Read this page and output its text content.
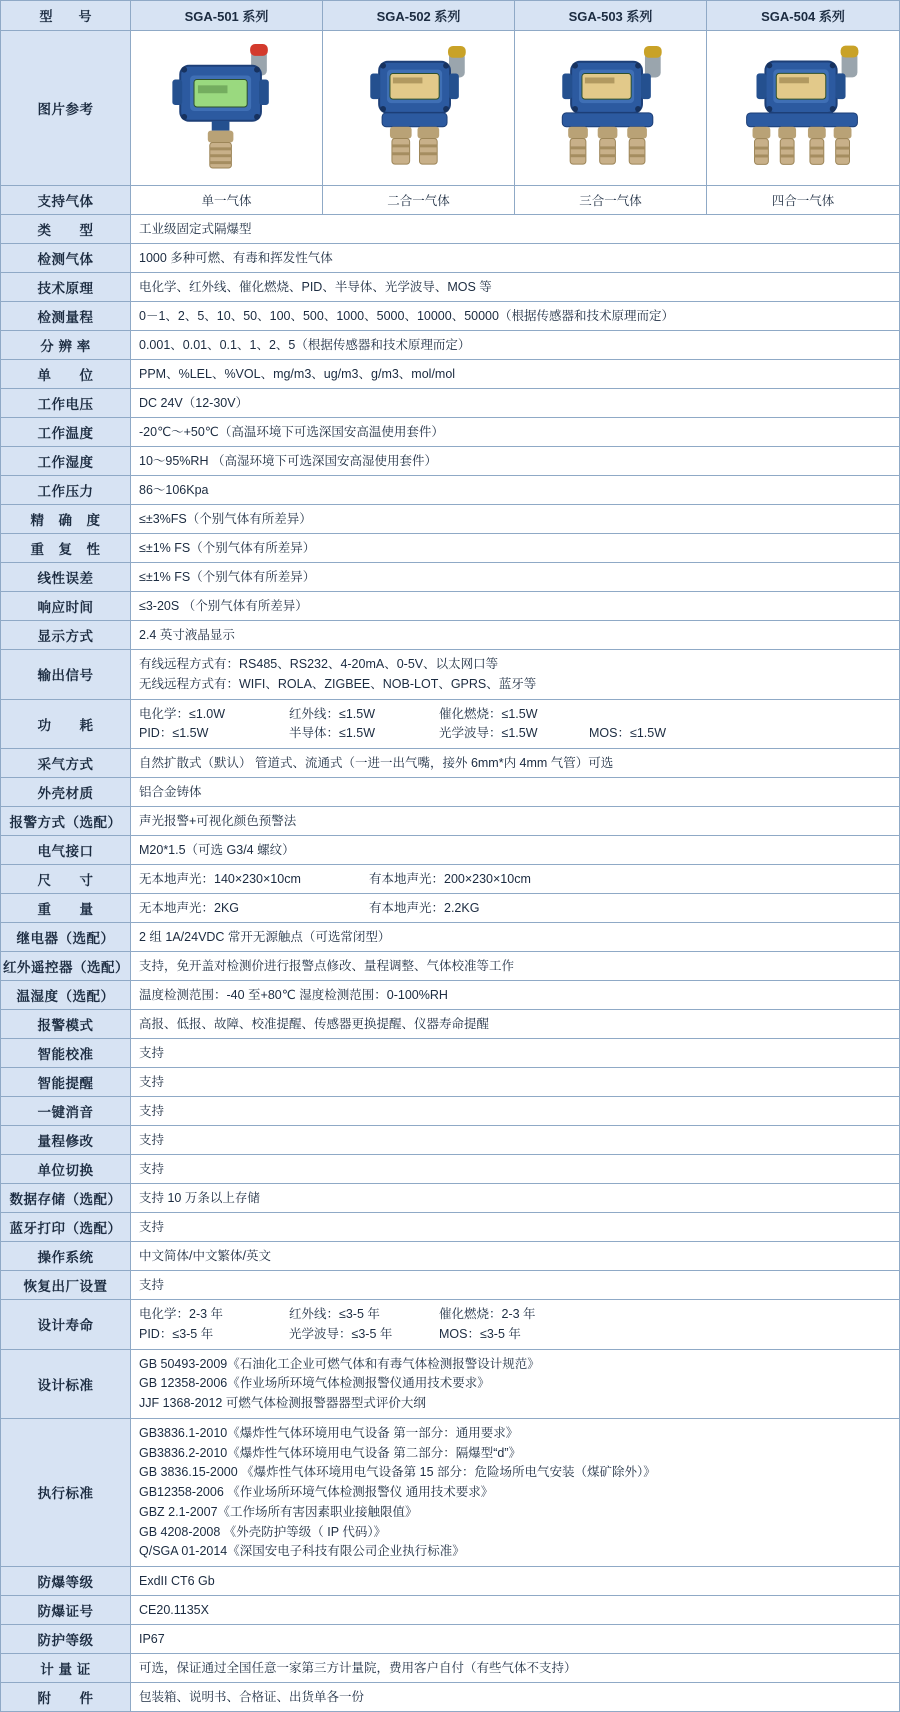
型　　号	SGA-501 系列	SGA-502 系列	SGA-503 系列	SGA-504 系列
图片参考	

支持气体	单一气体	二合一气体	三合一气体	四合一气体
类　　型	工业级固定式隔爆型			
检测气体	1000 多种可燃、有毒和挥发性气体			
技术原理	电化学、红外线、催化燃烧、PID、半导体、光学波导、MOS 等			
检测量程	0－1、2、5、10、50、100、500、1000、5000、10000、50000（根据传感器和技术原理而定）			
分 辨 率	0.001、0.01、0.1、1、2、5（根据传感器和技术原理而定）			
单　　位	PPM、%LEL、%VOL、mg/m3、ug/m3、g/m3、mol/mol			
工作电压	DC 24V（12-30V）			
工作温度	-20℃～+50℃（高温环境下可选深国安高温使用套件）			
工作湿度	10～95%RH （高湿环境下可选深国安高湿使用套件）			
工作压力	86～106Kpa			
精　确　度	≤±3%FS（个别气体有所差异）			
重　复　性	≤±1% FS（个别气体有所差异）			
线性误差	≤±1% FS（个别气体有所差异）			
响应时间	≤3-20S （个别气体有所差异）			
显示方式	2.4 英寸液晶显示			
输出信号	有线远程方式有：RS485、RS232、4-20mA、0-5V、以太网口等
无线远程方式有：WIFI、ROLA、ZIGBEE、NOB-LOT、GPRS、蓝牙等			

功　　耗	
电化学：≤1.0W	红外线：≤1.5W	催化燃烧：≤1.5W
PID：≤1.5W	半导体：≤1.5W	光学波导：≤1.5W	MOS：≤1.5W

采气方式	自然扩散式（默认） 管道式、流通式（一进一出气嘴，接外 6mm*内 4mm 气管）可选			
外壳材质	铝合金铸体			
报警方式（选配）	声光报警+可视化颜色预警法			
电气接口	M20*1.5（可选 G3/4 螺纹）			
尺　　寸	无本地声光：140×230×10cm 有本地声光：200×230×10cm			

重　　量	无本地声光：2KG 有本地声光：2.2KG			

继电器（选配）	2 组 1A/24VDC 常开无源触点（可选常闭型）			
红外遥控器（选配）	支持，免开盖对检测价进行报警点修改、量程调整、气体校准等工作			
温湿度（选配）	温度检测范围：-40 至+80℃ 湿度检测范围：0-100%RH			
报警模式	高报、低报、故障、校准提醒、传感器更换提醒、仪器寿命提醒			
智能校准	支持			
智能提醒	支持			
一键消音	支持			
量程修改	支持			
单位切换	支持			
数据存储（选配）	支持 10 万条以上存储			
蓝牙打印（选配）	支持			
操作系统	中文简体/中文繁体/英文			
恢复出厂设置	支持			
设计寿命	
电化学：2-3 年	红外线：≤3-5 年	催化燃烧：2-3 年
PID：≤3-5 年	光学波导：≤3-5 年	MOS：≤3-5 年

设计标准	GB 50493-2009《石油化工企业可燃气体和有毒气体检测报警设计规范》
GB 12358-2006《作业场所环境气体检测报警仪通用技术要求》
JJF 1368-2012 可燃气体检测报警器器型式评价大纲			

执行标准	
GB3836.1-2010《爆炸性气体环境用电气设备 第一部分：通用要求》
GB3836.2-2010《爆炸性气体环境用电气设备 第二部分：隔爆型“d”》
GB 3836.15-2000 《爆炸性气体环境用电气设备第 15 部分：危险场所电气安装（煤矿除外）》
GB12358-2006 《作业场所环境气体检测报警仪 通用技术要求》
GBZ 2.1-2007《工作场所有害因素职业接触限值》
GB 4208-2008 《外壳防护等级（ IP 代码）》
Q/SGA 01-2014《深国安电子科技有限公司企业执行标准》

防爆等级	ExdII CT6 Gb			
防爆证号	CE20.1135X			
防护等级	IP67			
计 量 证	可选，保证通过全国任意一家第三方计量院，费用客户自付（有些气体不支持）			
附　　件	包装箱、说明书、合格证、出货单各一份			
